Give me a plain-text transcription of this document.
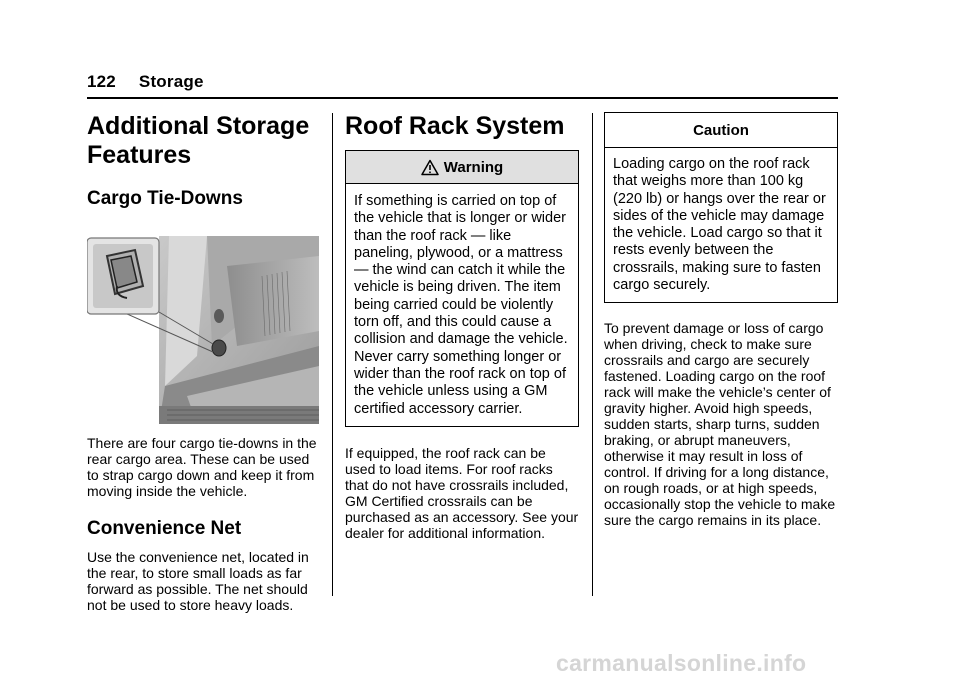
122 Storage
Additional Storage Features
Cargo Tie-Downs

There are four cargo tie-downs in the rear cargo area. These can be used to strap cargo down and keep it from moving inside the vehicle.

Convenience Net

Use the convenience net, located in the rear, to store small loads as far forward as possible. The net should not be used to store heavy loads.

Roof Rack System
Warning
If something is carried on top of the vehicle that is longer or wider than the roof rack — like paneling, plywood, or a mattress — the wind can catch it while the vehicle is being driven. The item being carried could be violently torn off, and this could cause a collision and damage the vehicle. Never carry something longer or wider than the roof rack on top of the vehicle unless using a GM certified accessory carrier.

If equipped, the roof rack can be used to load items. For roof racks that do not have crossrails included, GM Certified crossrails can be purchased as an accessory. See your dealer for additional information.

Caution
Loading cargo on the roof rack that weighs more than 100 kg (220 lb) or hangs over the rear or sides of the vehicle may damage the vehicle. Load cargo so that it rests evenly between the crossrails, making sure to fasten cargo securely.

To prevent damage or loss of cargo when driving, check to make sure crossrails and cargo are securely fastened. Loading cargo on the roof rack will make the vehicle’s center of gravity higher. Avoid high speeds, sudden starts, sharp turns, sudden braking, or abrupt maneuvers, otherwise it may result in loss of control. If driving for a long distance, on rough roads, or at high speeds, occasionally stop the vehicle to make sure the cargo remains in its place.

carmanualsonline.info
